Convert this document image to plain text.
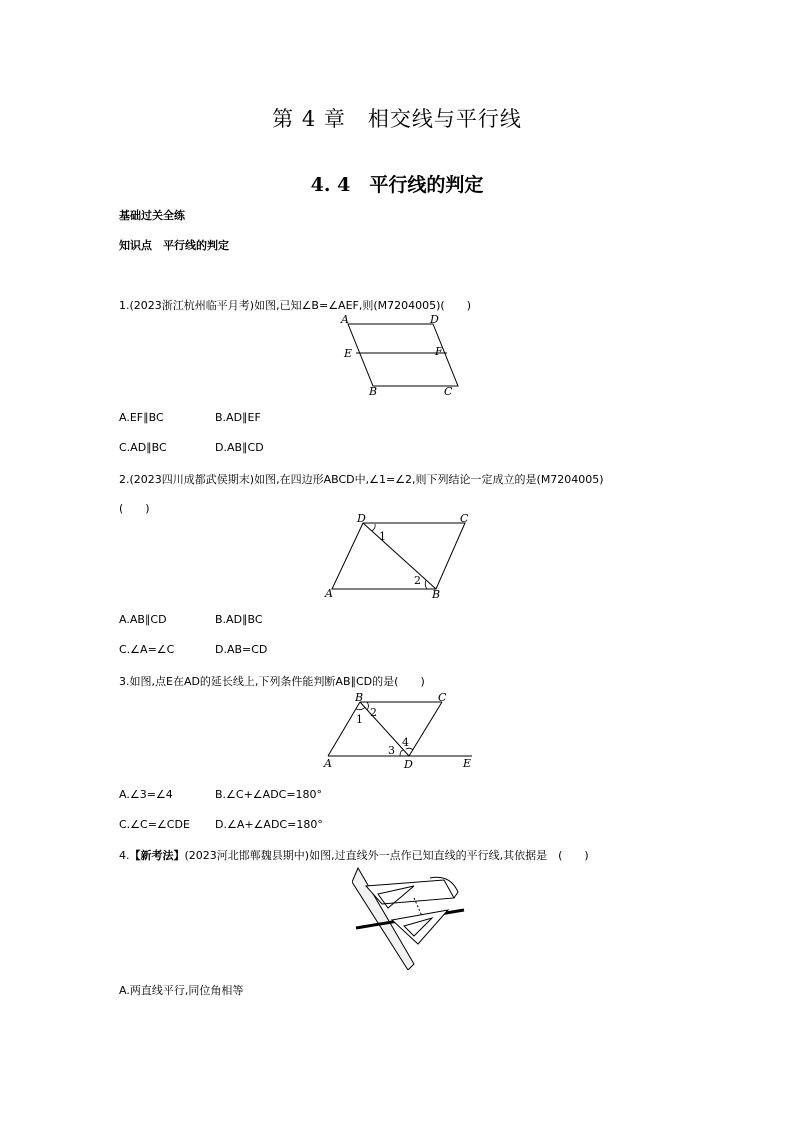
第 4 章　相交线与平行线
4. 4　平行线的判定
基础过关全练
知识点　平行线的判定
1.(2023浙江杭州临平月考)如图,已知∠B=∠AEF,则(M7204005)(　　)
A	D
E	F
B	C
A.EF∥BC	B.AD∥EF
C.AD∥BC	D.AB∥CD
2.(2023四川成都武侯期末)如图,在四边形ABCD中,∠1=∠2,则下列结论一定成立的是(M7204005)
(　　)
D	C
1
2
A	B
A.AB∥CD	B.AD∥BC
C.∠A=∠C	D.AB=CD
3.如图,点E在AD的延长线上,下列条件能判断AB∥CD的是(　　)
B	C
1
2
3
4
A	D	E
A.∠3=∠4	B.∠C+∠ADC=180°
C.∠C=∠CDE D.∠A+∠ADC=180°
4.【新考法】(2023河北邯郸魏县期中)如图,过直线外一点作已知直线的平行线,其依据是　(　　)
A.两直线平行,同位角相等
